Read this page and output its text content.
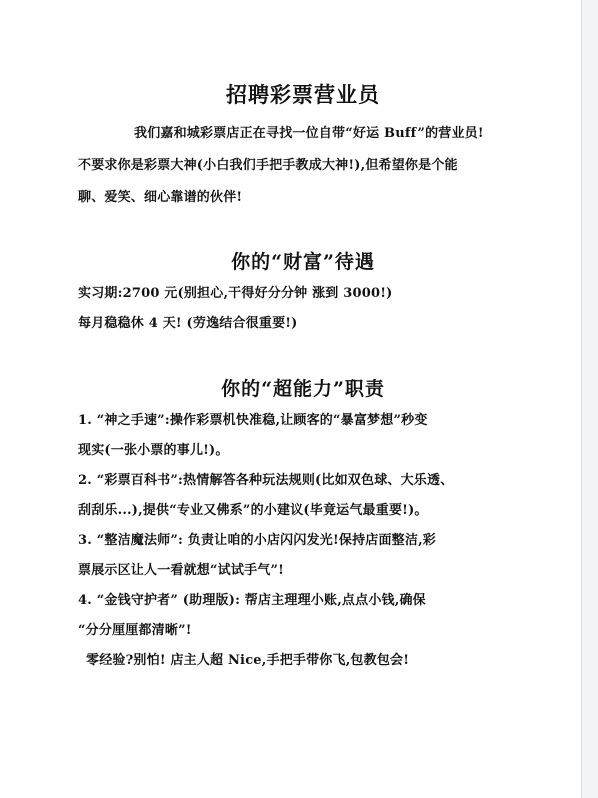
招聘彩票营业员

我们嘉和城彩票店正在寻找一位自带“好运 Buff”的营业员!

不要求你是彩票大神(小白我们手把手教成大神!),但希望你是个能

聊、爱笑、细心靠谱的伙伴!

你的“财富”待遇

实习期:2700 元(别担心,干得好分分钟 涨到 3000!)

每月稳稳休 4 天! (劳逸结合很重要!)

你的“超能力”职责

1. “神之手速”:操作彩票机快准稳,让顾客的“暴富梦想”秒变

现实(一张小票的事儿!)。

2. “彩票百科书”:热情解答各种玩法规则(比如双色球、大乐透、

刮刮乐...),提供“专业又佛系”的小建议(毕竟运气最重要!)。

3. “整洁魔法师”: 负责让咱的小店闪闪发光!保持店面整洁,彩

票展示区让人一看就想“试试手气”!

4. “金钱守护者” (助理版): 帮店主理理小账,点点小钱,确保

“分分厘厘都清晰”!

零经验?别怕! 店主人超 Nice,手把手带你飞,包教包会!
